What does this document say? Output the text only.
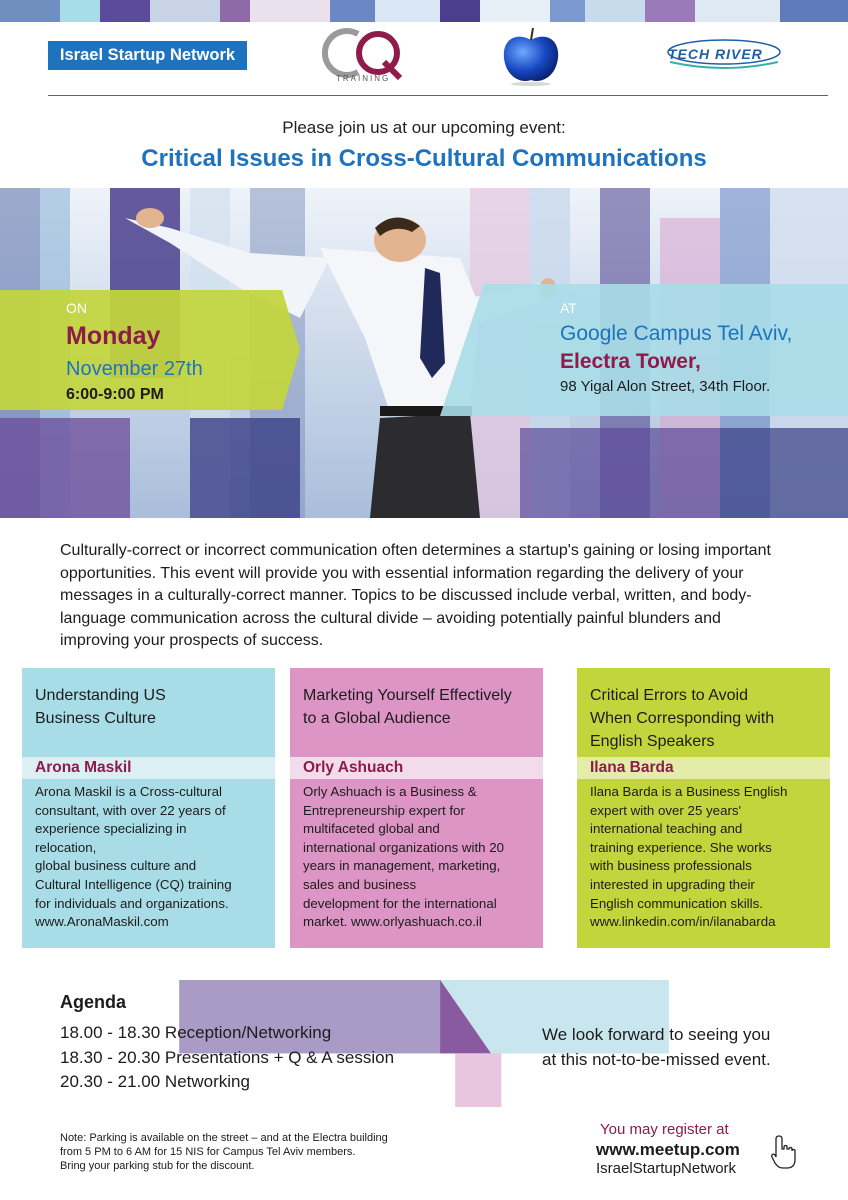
Israel Startup Network
TRAINING
TECH RIVER
Please join us at our upcoming event:
Critical Issues in Cross-Cultural Communications
ON
Monday
November 27th
6:00-9:00 PM
AT
Google Campus Tel Aviv,
Electra Tower,
98 Yigal Alon Street, 34th Floor.
Culturally-correct or incorrect communication often determines a startup's gaining or losing important opportunities. This event will provide you with essential information regarding the delivery of your messages in a culturally-correct manner. Topics to be discussed include verbal, written, and body-language communication across the cultural divide – avoiding potentially painful blunders and improving your prospects of success.
Understanding US
Business Culture
Arona Maskil
Arona Maskil is a Cross-cultural
consultant, with over 22 years of
experience specializing in
relocation,
global business culture and
Cultural Intelligence (CQ) training
for individuals and organizations.
www.AronaMaskil.com
Marketing Yourself Effectively
to a Global Audience
Orly Ashuach
Orly Ashuach is a Business &
Entrepreneurship expert for
multifaceted global and
international organizations with 20
years in management, marketing,
sales and business
development for the international
market. www.orlyashuach.co.il
Critical Errors to Avoid
When Corresponding with
English Speakers
Ilana Barda
Ilana Barda is a Business English
expert with over 25 years'
international teaching and
training experience. She works
with business professionals
interested in upgrading their
English communication skills.
www.linkedin.com/in/ilanabarda
Agenda
18.00 - 18.30 Reception/Networking
18.30 - 20.30 Presentations + Q & A session
20.30 - 21.00 Networking
We look forward to seeing you
at this not-to-be-missed event.
Note: Parking is available on the street – and at the Electra building
from 5 PM to 6 AM for 15 NIS for Campus Tel Aviv members.
Bring your parking stub for the discount.
You may register at
www.meetup.com
IsraelStartupNetwork
